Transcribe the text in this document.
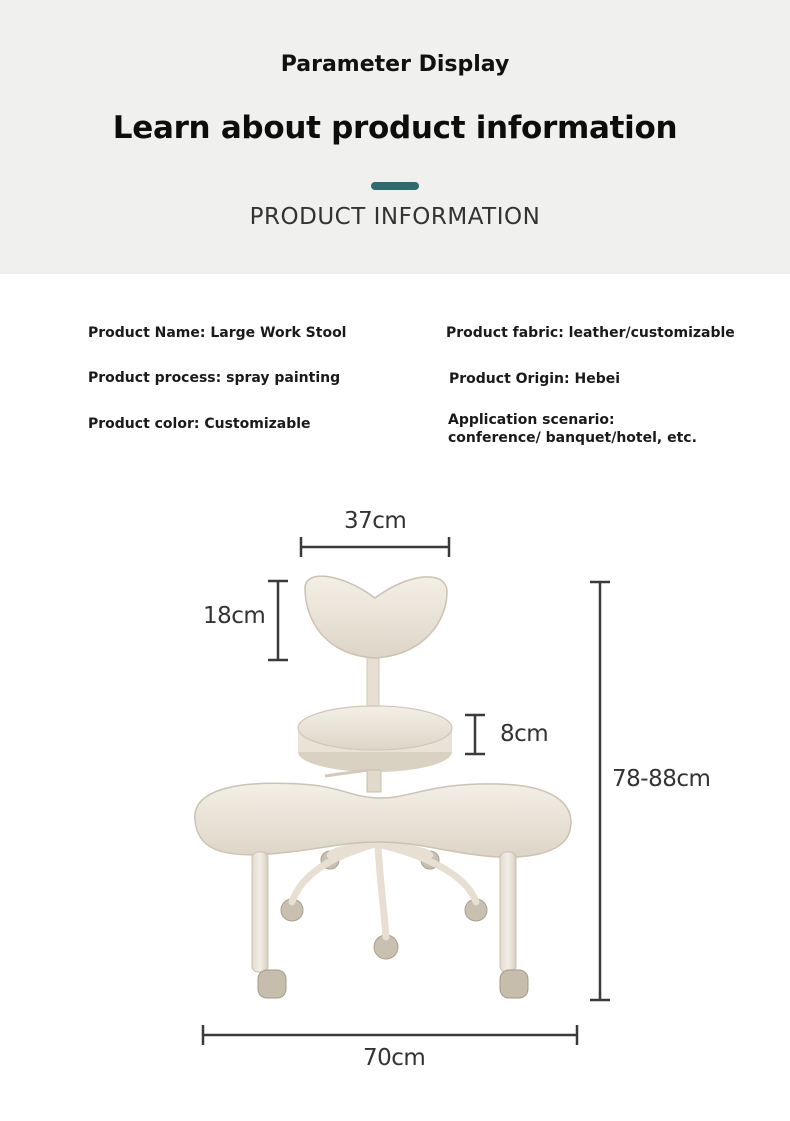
Parameter Display
Learn about product information
PRODUCT INFORMATION
Product Name: Large Work Stool	Product fabric: leather/customizable
Product process: spray painting	Product Origin: Hebei
Product color: Customizable	Application scenario:conference/ banquet/hotel, etc.
37cm
18cm
8cm
78-88cm
70cm
